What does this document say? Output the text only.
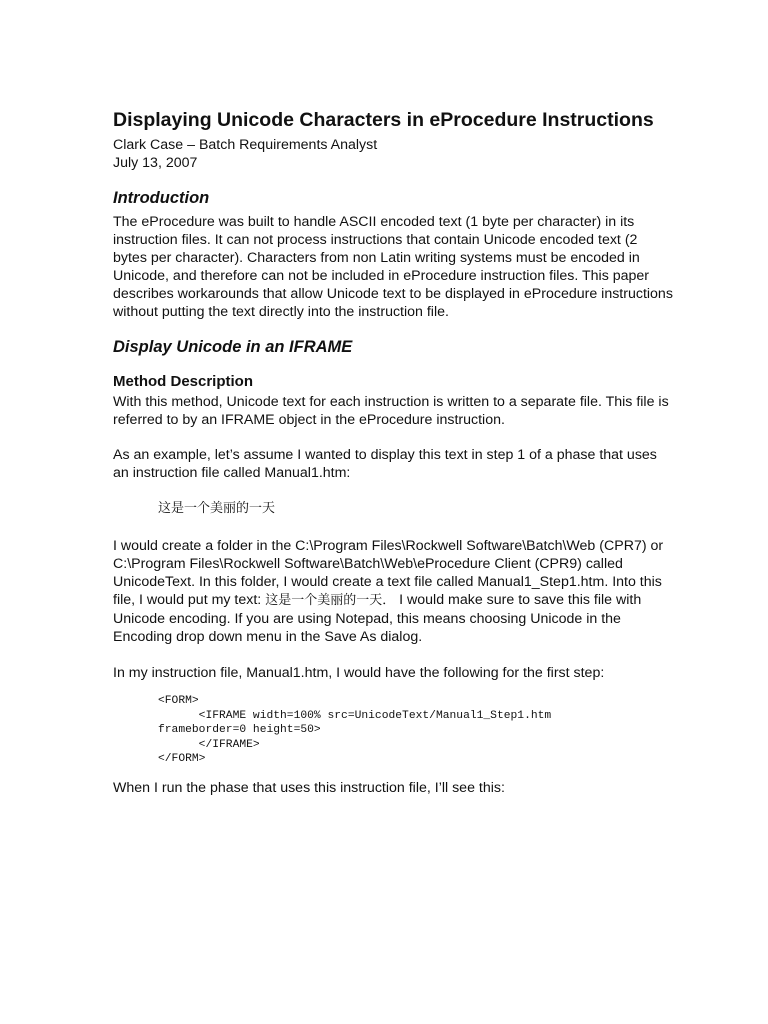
Displaying Unicode Characters in eProcedure Instructions

Clark Case – Batch Requirements Analyst

July 13, 2007

Introduction

The eProcedure was built to handle ASCII encoded text (1 byte per character) in its instruction files. It can not process instructions that contain Unicode encoded text (2 bytes per character). Characters from non Latin writing systems must be encoded in Unicode, and therefore can not be included in eProcedure instruction files. This paper describes workarounds that allow Unicode text to be displayed in eProcedure instructions without putting the text directly into the instruction file.

Display Unicode in an IFRAME
Method Description

With this method, Unicode text for each instruction is written to a separate file. This file is referred to by an IFRAME object in the eProcedure instruction.

As an example, let’s assume I wanted to display this text in step 1 of a phase that uses an instruction file called Manual1.htm:

这是一个美丽的一天

I would create a folder in the C:\Program Files\Rockwell Software\Batch\Web (CPR7) or C:\Program Files\Rockwell Software\Batch\Web\eProcedure Client (CPR9) called UnicodeText. In this folder, I would create a text file called Manual1_Step1.htm. Into this file, I would put my text: 这是一个美丽的一天． I would make sure to save this file with Unicode encoding. If you are using Notepad, this means choosing Unicode in the Encoding drop down menu in the Save As dialog.

In my instruction file, Manual1.htm, I would have the following for the first step:

<FORM>
<IFRAME width=100% src=UnicodeText/Manual1_Step1.htm
frameborder=0 height=50>
</IFRAME>
</FORM>

When I run the phase that uses this instruction file, I’ll see this:
